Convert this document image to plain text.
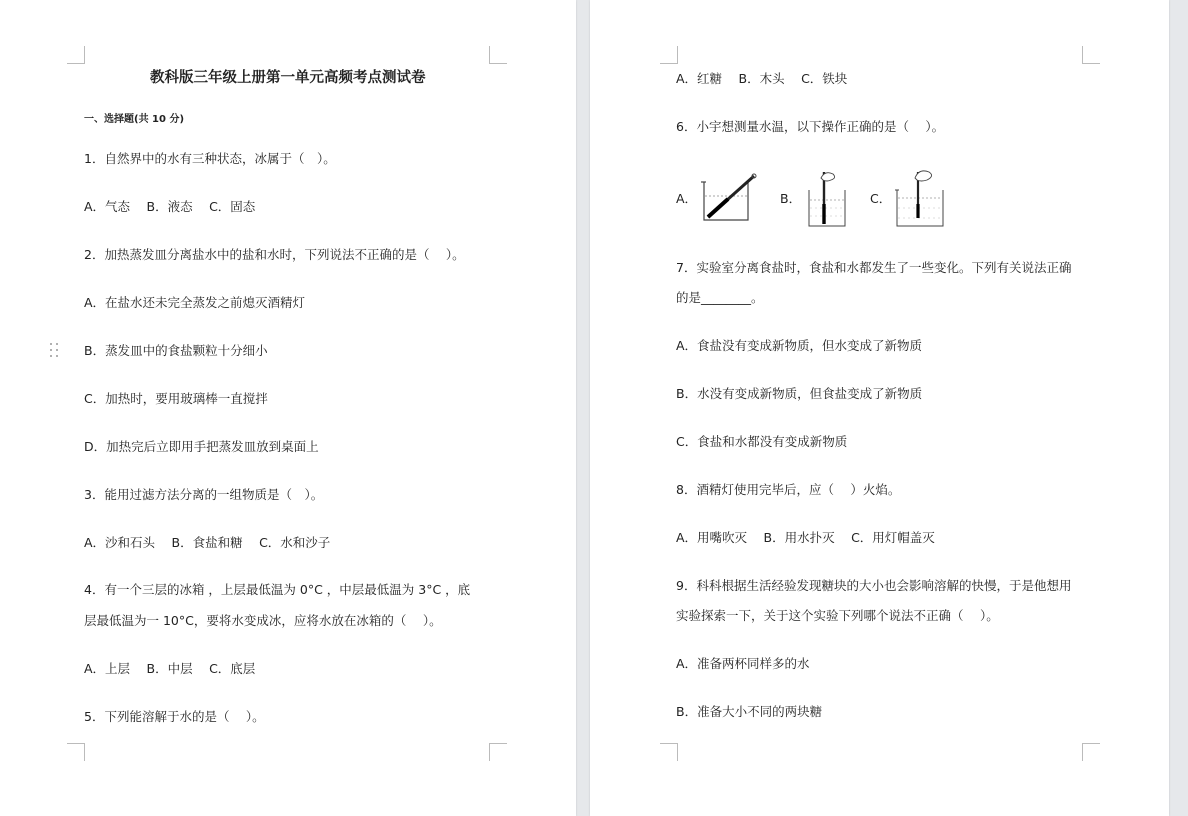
教科版三年级上册第一单元高频考点测试卷
一、选择题(共 10 分)
1．自然界中的水有三种状态，冰属于（　）。
A．气态　 B．液态　 C．固态
2．加热蒸发皿分离盐水中的盐和水时，下列说法不正确的是（　 ）。
A．在盐水还未完全蒸发之前熄灭酒精灯
B．蒸发皿中的食盐颗粒十分细小
C．加热时，要用玻璃棒一直搅拌
D．加热完后立即用手把蒸发皿放到桌面上
3．能用过滤方法分离的一组物质是（　）。
A．沙和石头　 B．食盐和糖　 C．水和沙子
4．有一个三层的冰箱 ，上层最低温为 0°C ，中层最低温为 3°C ，底
层最低温为一 10°C，要将水变成冰，应将水放在冰箱的（　 ）。
A．上层　 B．中层　 C．底层
5．下列能溶解于水的是（　 ）。
A．红糖　 B．木头　 C．铁块
6．小宇想测量水温，以下操作正确的是（　 ）。
A．	B．	C．
7．实验室分离食盐时，食盐和水都发生了一些变化。下列有关说法正确
的是________。
A．食盐没有变成新物质，但水变成了新物质
B．水没有变成新物质，但食盐变成了新物质
C．食盐和水都没有变成新物质
8．酒精灯使用完毕后，应（　 ）火焰。
A．用嘴吹灭　 B．用水扑灭　 C．用灯帽盖灭
9．科科根据生活经验发现糖块的大小也会影响溶解的快慢，于是他想用
实验探索一下，关于这个实验下列哪个说法不正确（　 ）。
A．准备两杯同样多的水
B．准备大小不同的两块糖
